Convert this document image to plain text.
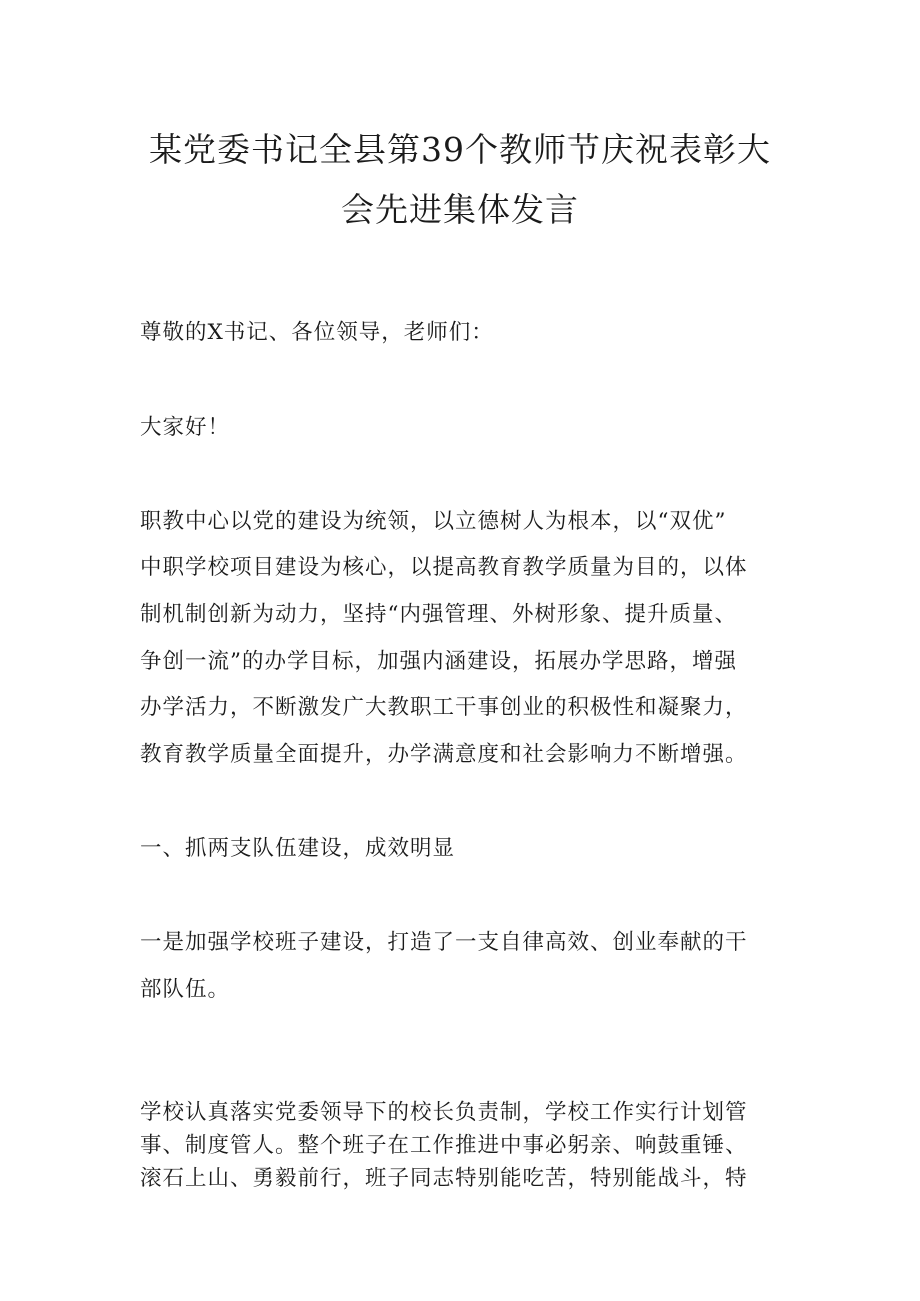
某党委书记全县第39个教师节庆祝表彰大
会先进集体发言
尊敬的X书记、各位领导，老师们：
大家好！
职教中心以党的建设为统领，以立德树人为根本，以“双优”
中职学校项目建设为核心，以提高教育教学质量为目的，以体
制机制创新为动力，坚持“内强管理、外树形象、提升质量、
争创一流”的办学目标，加强内涵建设，拓展办学思路，增强
办学活力，不断激发广大教职工干事创业的积极性和凝聚力，
教育教学质量全面提升，办学满意度和社会影响力不断增强。
一、抓两支队伍建设，成效明显
一是加强学校班子建设，打造了一支自律高效、创业奉献的干
部队伍。
学校认真落实党委领导下的校长负责制，学校工作实行计划管
事、制度管人。整个班子在工作推进中事必躬亲、响鼓重锤、
滚石上山、勇毅前行，班子同志特别能吃苦，特别能战斗，特
